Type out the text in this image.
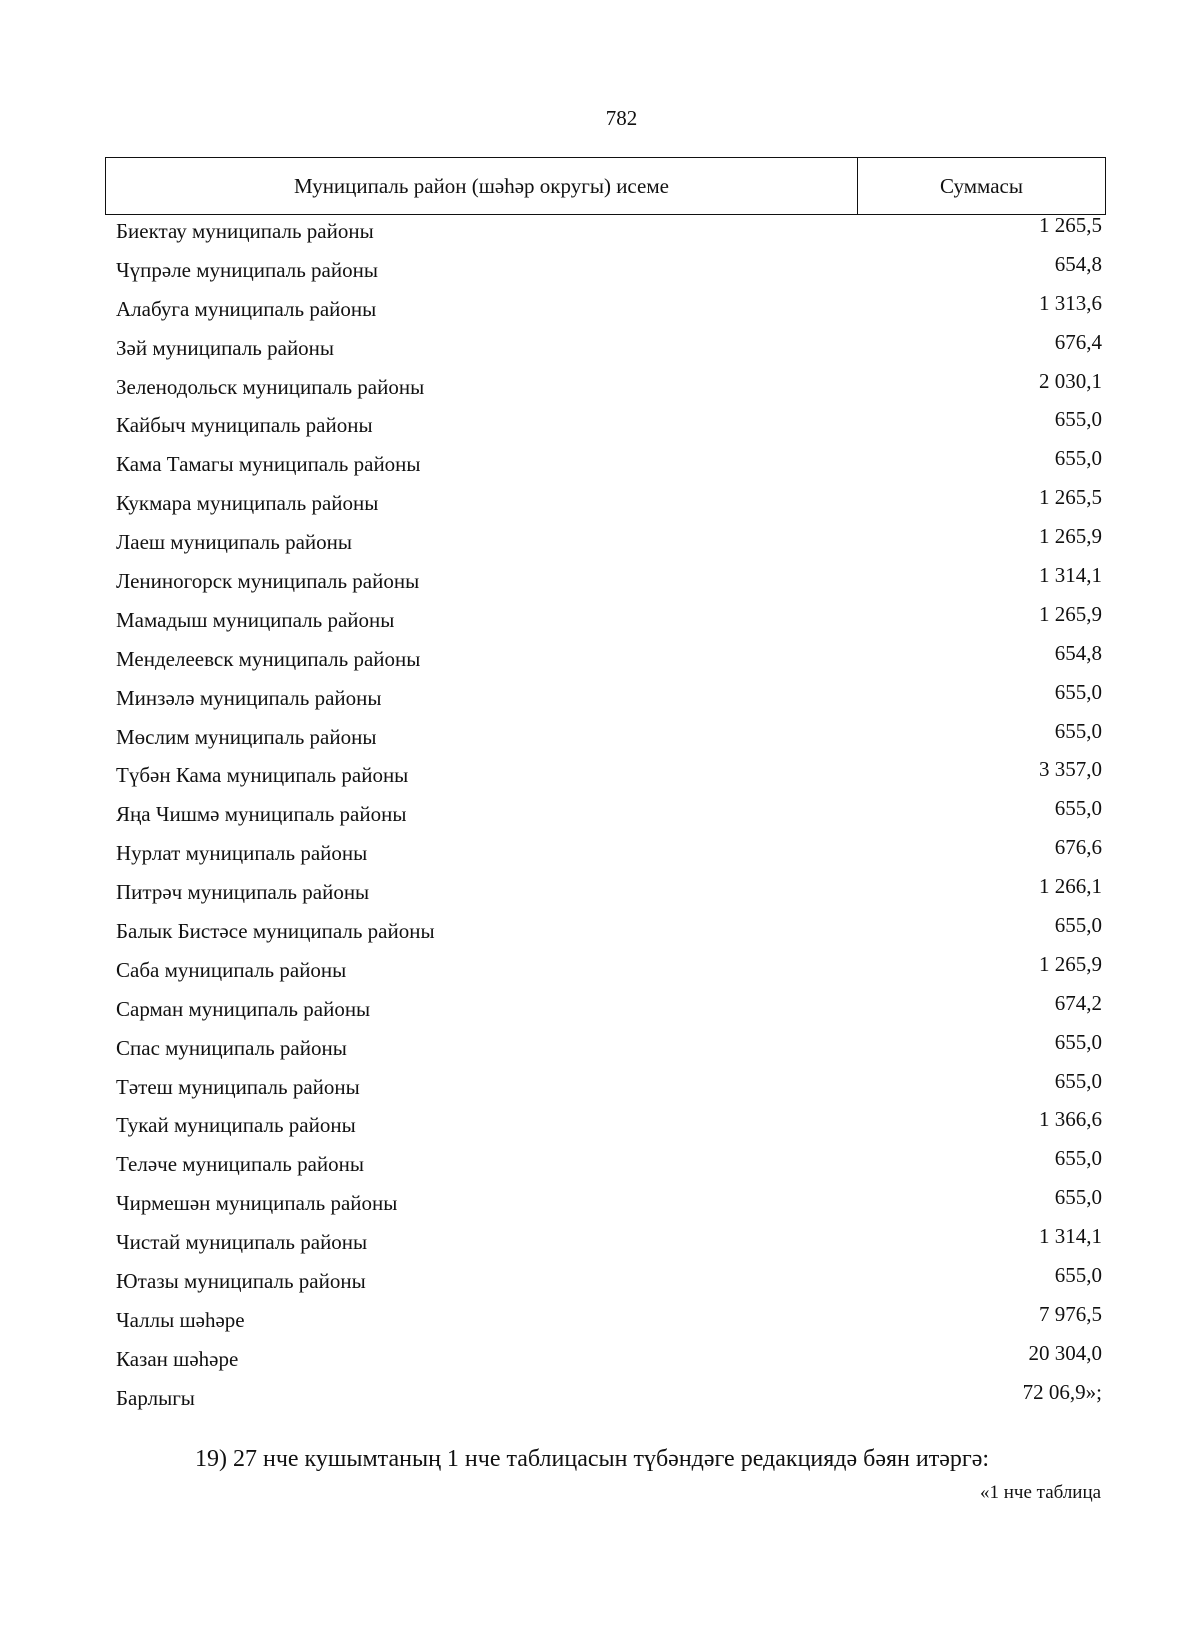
782
Муниципаль район (шәһәр округы) исеме	Суммасы
Биектау муниципаль районы	1 265,5
Чүпрәле муниципаль районы	654,8
Алабуга муниципаль районы	1 313,6
Зәй муниципаль районы	676,4
Зеленодольск муниципаль районы	2 030,1
Кайбыч муниципаль районы	655,0
Кама Тамагы муниципаль районы	655,0
Кукмара муниципаль районы	1 265,5
Лаеш муниципаль районы	1 265,9
Лениногорск муниципаль районы	1 314,1
Мамадыш муниципаль районы	1 265,9
Менделеевск муниципаль районы	654,8
Минзәлә муниципаль районы	655,0
Мөслим муниципаль районы	655,0
Түбән Кама муниципаль районы	3 357,0
Яңа Чишмә муниципаль районы	655,0
Нурлат муниципаль районы	676,6
Питрәч муниципаль районы	1 266,1
Балык Бистәсе муниципаль районы	655,0
Саба муниципаль районы	1 265,9
Сарман муниципаль районы	674,2
Спас муниципаль районы	655,0
Тәтеш муниципаль районы	655,0
Тукай муниципаль районы	1 366,6
Теләче муниципаль районы	655,0
Чирмешән муниципаль районы	655,0
Чистай муниципаль районы	1 314,1
Ютазы муниципаль районы	655,0
Чаллы шәһәре	7 976,5
Казан шәһәре	20 304,0
Барлыгы	72 06,9»;
19) 27 нче кушымтаның 1 нче таблицасын түбәндәге редакциядә бәян итәргә:
«1 нче таблица
